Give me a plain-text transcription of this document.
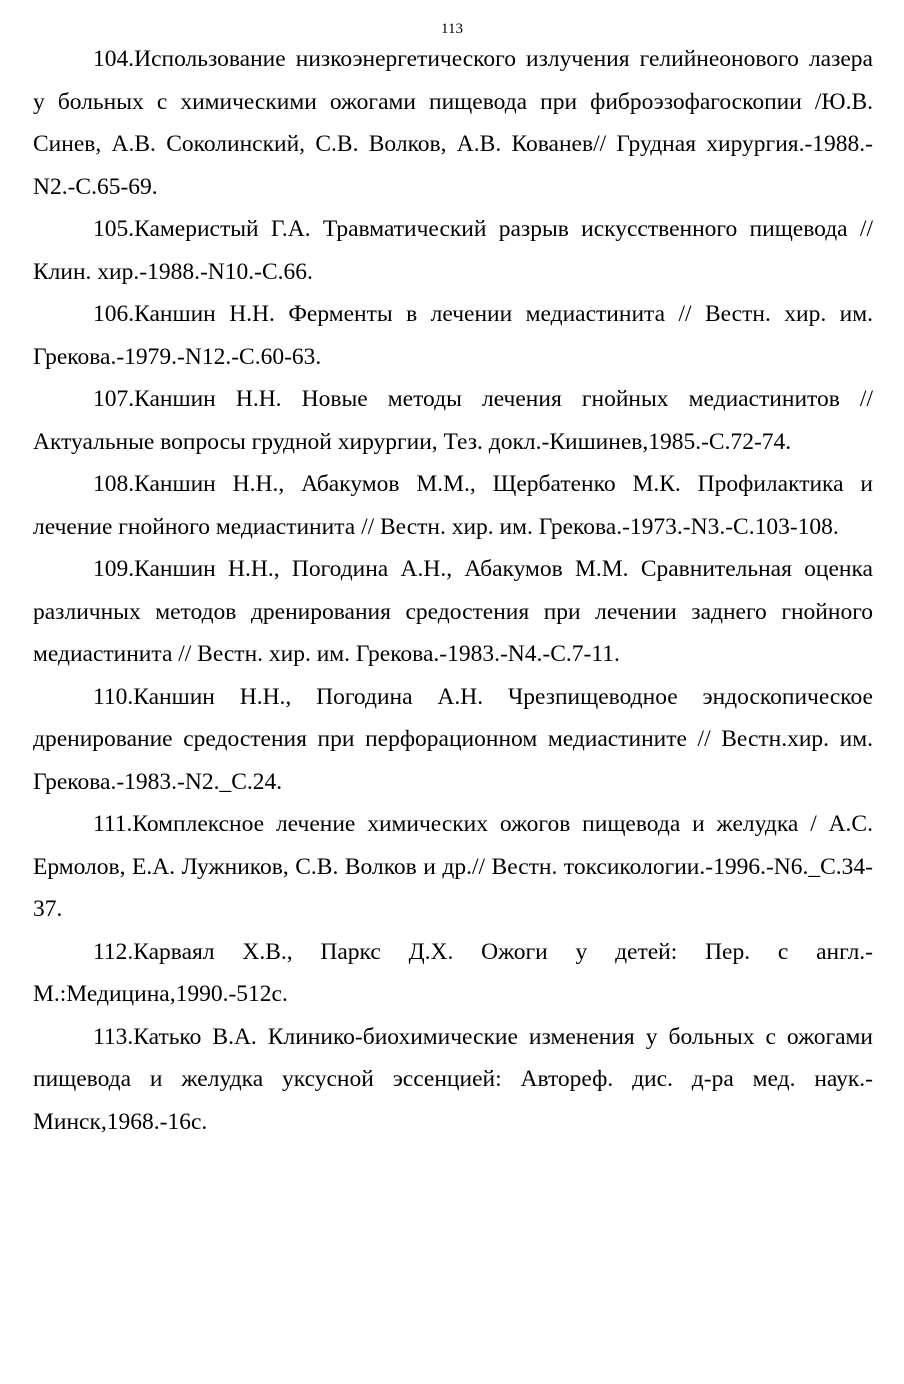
113

104.Использование низкоэнергетического излучения гелийнеонового лазера у больных с химическими ожогами пищевода при фиброэзофагоскопии /Ю.В. Синев, А.В. Соколинский, С.В. Волков, А.В. Кованев// Грудная хирургия.-1988.-N2.-С.65-69.

105.Камеристый Г.А. Травматический разрыв искусственного пищевода // Клин. хир.-1988.-N10.-С.66.

106.Каншин Н.Н. Ферменты в лечении медиастинита // Вестн. хир. им. Грекова.-1979.-N12.-С.60-63.

107.Каншин Н.Н. Новые методы лечения гнойных медиастинитов // Актуальные вопросы грудной хирургии, Тез. докл.-Кишинев,1985.-С.72-74.

108.Каншин Н.Н., Абакумов М.М., Щербатенко М.К. Профилактика и лечение гнойного медиастинита // Вестн. хир. им. Грекова.-1973.-N3.-С.103-108.

109.Каншин Н.Н., Погодина А.Н., Абакумов М.М. Сравнительная оценка различных методов дренирования средостения при лечении заднего гнойного медиастинита // Вестн. хир. им. Грекова.-1983.-N4.-С.7-11.

110.Каншин Н.Н., Погодина А.Н. Чрезпищеводное эндоскопическое дренирование средостения при перфорационном медиастините // Вестн.хир. им. Грекова.-1983.-N2._С.24.

111.Комплексное лечение химических ожогов пищевода и желудка / А.С. Ермолов, Е.А. Лужников, С.В. Волков и др.// Вестн. токсикологии.-1996.-N6._С.34-37.

112.Карваял Х.В., Паркс Д.Х. Ожоги у детей: Пер. с англ.-М.:Медицина,1990.-512с.

113.Катько В.А. Клинико-биохимические изменения у больных с ожогами пищевода и желудка уксусной эссенцией: Автореф. дис. д-ра мед. наук.-Минск,1968.-16с.
